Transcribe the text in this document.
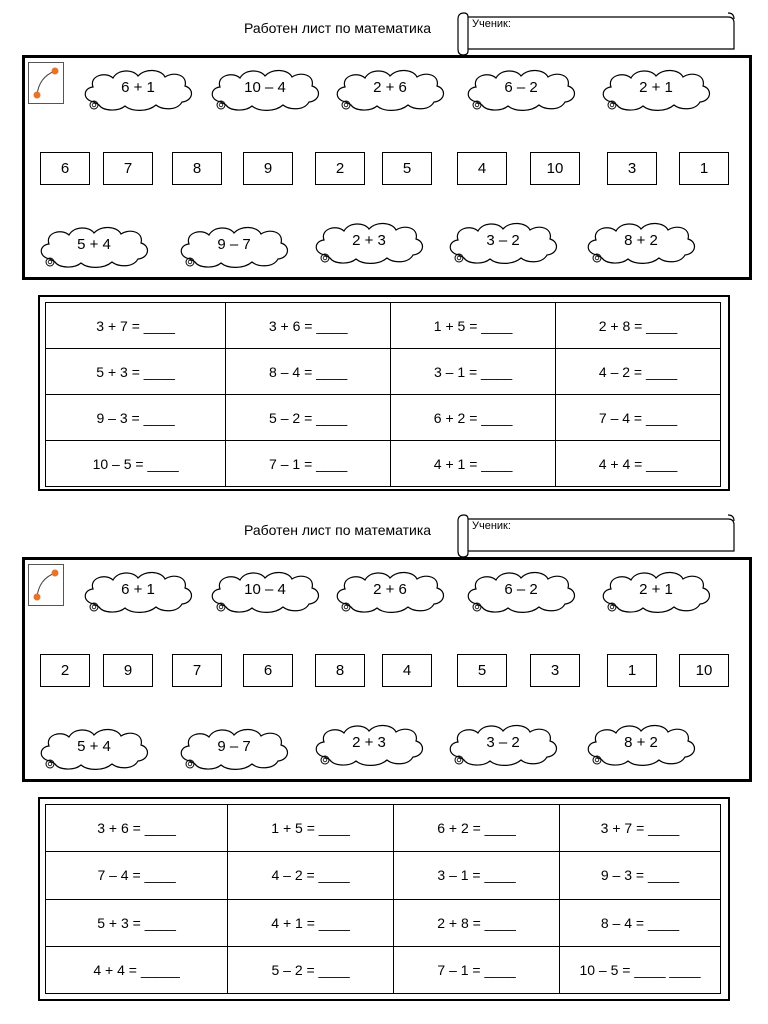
Работен лист по математика	Ученик:
6 + 1	10 – 4	2 + 6	6 – 2	2 + 1
6	7	8	9	2	5	4	10	3	1
5 + 4	9 – 7	2 + 3	3 – 2	8 + 2
3 + 7 = ____	3 + 6 = ____	1 + 5 = ____	2 + 8 = ____
5 + 3 = ____	8 – 4 = ____	3 – 1 = ____	4 – 2 = ____
9 – 3 = ____	5 – 2 = ____	6 + 2 = ____	7 – 4 = ____
10 – 5 = ____	7 – 1 = ____	4 + 1 = ____	4 + 4 = ____
Работен лист по математика	Ученик:
6 + 1	10 – 4	2 + 6	6 – 2	2 + 1
2	9	7	6	8	4	5	3	1	10
5 + 4	9 – 7	2 + 3	3 – 2	8 + 2
3 + 6 = ____	1 + 5 = ____	6 + 2 = ____	3 + 7 = ____
7 – 4 = ____	4 – 2 = ____	3 – 1 = ____	9 – 3 = ____
5 + 3 = ____	4 + 1 = ____	2 + 8 = ____	8 – 4 = ____
4 + 4 = _____	5 – 2 = ____	7 – 1 = ____	10 – 5 = ____ ____
